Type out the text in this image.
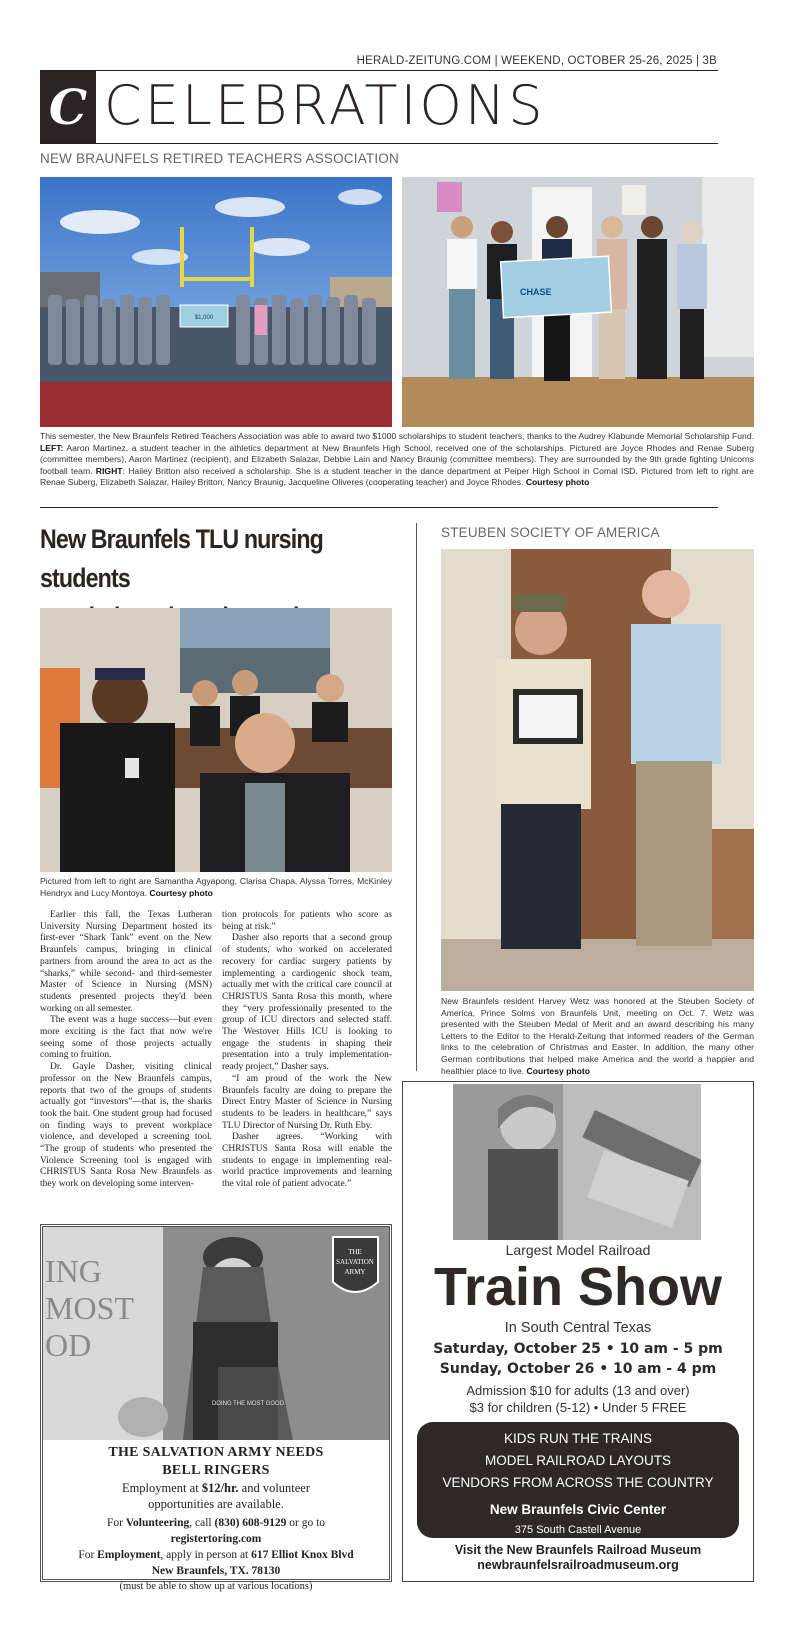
HERALD-ZEITUNG.COM | WEEKEND, OCTOBER 25-26, 2025 | 3B
C CELEBRATIONS
NEW BRAUNFELS RETIRED TEACHERS ASSOCIATION
$1,000
CHASE
This semester, the New Braunfels Retired Teachers Association was able to award two $1000 scholarships to student teachers, thanks to the Audrey Klabunde Memorial Scholarship Fund. LEFT: Aaron Martinez, a student teacher in the athletics department at New Braunfels High School, received one of the scholarships. Pictured are Joyce Rhodes and Renae Suberg (committee members), Aaron Martinez (recipient), and Elizabeth Salazar, Debbie Lain and Nancy Braunig (committee members). They are surrounded by the 9th grade fighting Unicorns football team. RIGHT: Hailey Britton also received a scholarship. She is a student teacher in the dance department at Peiper High School in Comal ISD. Pictured from left to right are Renae Suberg, Elizabeth Salazar, Hailey Britton, Nancy Braunig, Jacqueline Oliveres (cooperating teacher) and Joyce Rhodes. Courtesy photo
New Braunfels TLU nursing students
Pictured from left to right are Samantha Agyapong, Clarisa Chapa, Alyssa Torres, McKinley Hendryx and Lucy Montoya. Courtesy photo

Earlier this fall, the Texas Lutheran University Nursing Department hosted its first-ever “Shark Tank” event on the New Braunfels campus, bringing in clinical partners from around the area to act as the “sharks,” while second- and third-semester Master of Science in Nursing (MSN) students presented projects they'd been working on all semester.

The event was a huge success—but even more exciting is the fact that now we're seeing some of those projects actually coming to fruition.

Dr. Gayle Dasher, visiting clinical professor on the New Braunfels campus, reports that two of the groups of students actually got “investors”—that is, the sharks took the bait. One student group had focused on finding ways to prevent workplace violence, and developed a screening tool. “The group of students who presented the Violence Screening tool is engaged with CHRISTUS Santa Rosa New Braunfels as they work on developing some interven-

tion protocols for patients who score as being at risk.”

Dasher also reports that a second group of students, who worked on accelerated recovery for cardiac surgery patients by implementing a cardiogenic shock team, actually met with the critical care council at CHRISTUS Santa Rosa this month, where they “very professionally presented to the group of ICU directors and selected staff. The Westover Hills ICU is looking to engage the students in shaping their presentation into a truly implementation-ready project,” Dasher says.

“I am proud of the work the New Braunfels faculty are doing to prepare the Direct Entry Master of Science in Nursing students to be leaders in healthcare,” says TLU Director of Nursing Dr. Ruth Eby.

Dasher agrees. “Working with CHRISTUS Santa Rosa will enable the students to engage in implementing real-world practice improvements and learning the vital role of patient advocate.”

STEUBEN SOCIETY OF AMERICA
New Braunfels resident Harvey Wetz was honored at the Steuben Society of America, Prince Solms von Braunfels Unit, meeting on Oct. 7. Wetz was presented with the Steuben Medal of Merit and an award describing his many Letters to the Editor to the Herald-Zeitung that informed readers of the German links to the celebration of Christmas and Easter. In addition, the many other German contributions that helped make America and the world a happier and healthier place to live. Courtesy photo
ING
MOST
OD
THE
SALVATION
ARMY
DOING THE MOST GOOD
THE SALVATION ARMY NEEDS
BELL RINGERS
Employment at $12/hr. and volunteer
opportunities are available.
For Volunteering, call (830) 608-9129 or go to
registertoring.com
For Employment, apply in person at 617 Elliot Knox Blvd
New Braunfels, TX. 78130
(must be able to show up at various locations)
Largest Model Railroad
Train Show
In South Central Texas
Saturday, October 25 • 10 am - 5 pm
Sunday, October 26 • 10 am - 4 pm
Admission $10 for adults (13 and over)
$3 for children (5-12) • Under 5 FREE
KIDS RUN THE TRAINS
MODEL RAILROAD LAYOUTS
VENDORS FROM ACROSS THE COUNTRY
New Braunfels Civic Center
375 South Castell Avenue
Visit the New Braunfels Railroad Museum
newbraunfelsrailroadmuseum.org
